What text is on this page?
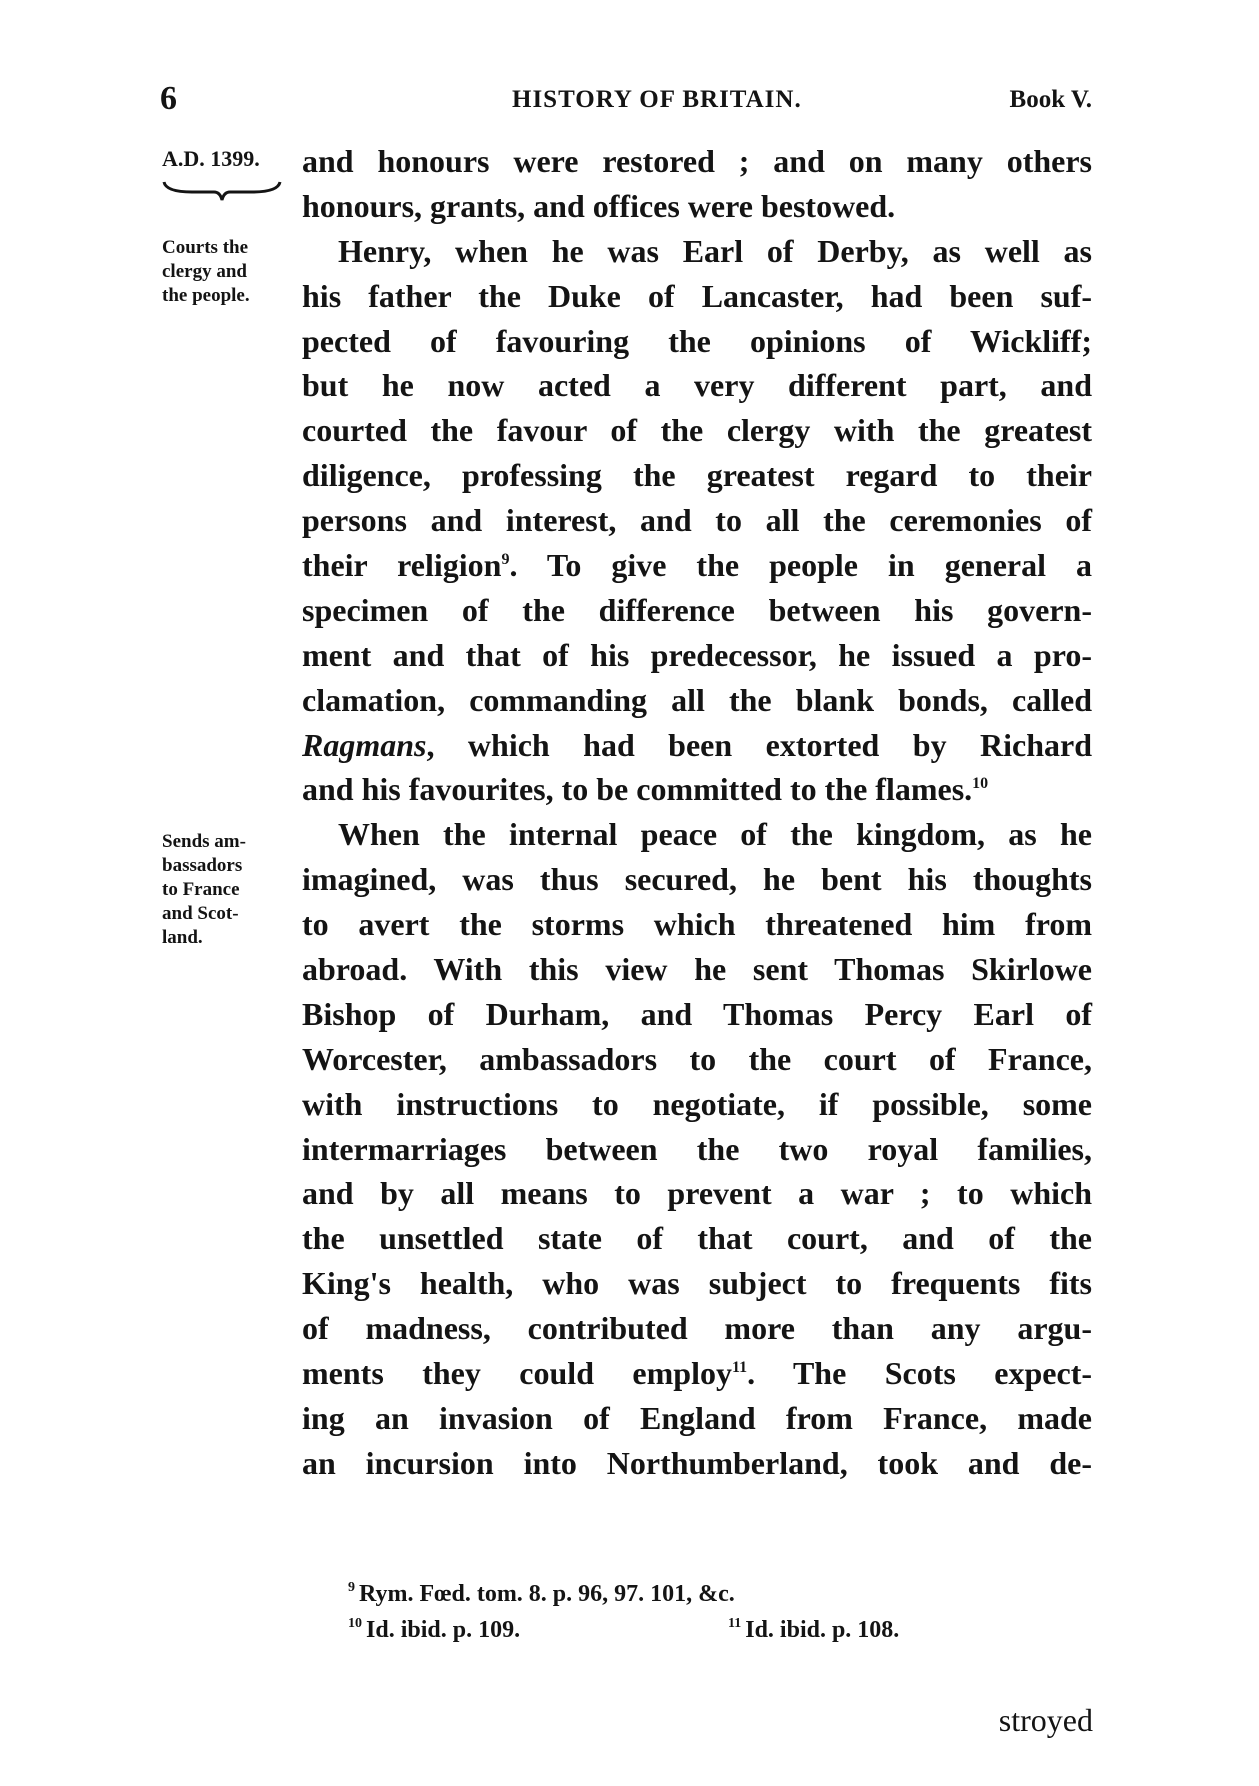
6	HISTORY OF BRITAIN.	Book V.
A.D. 1399.
Courts the
clergy and
the people.
Sends am-
bassadors
to France
and Scot-
land.
and honours were restored ; and on many others
honours, grants, and offices were bestowed.
Henry, when he was Earl of Derby, as well as
his father the Duke of Lancaster, had been suf-
pected of favouring the opinions of Wickliff;
but he now acted a very different part, and
courted the favour of the clergy with the greatest
diligence, professing the greatest regard to their
persons and interest, and to all the ceremonies of
their religion$^9$. To give the people in general a
specimen of the difference between his govern-
ment and that of his predecessor, he issued a pro-
clamation, commanding all the blank bonds, called
Ragmans, which had been extorted by Richard
and his favourites, to be committed to the flames.$^{10}$
When the internal peace of the kingdom, as he
imagined, was thus secured, he bent his thoughts
to avert the storms which threatened him from
abroad. With this view he sent Thomas Skirlowe
Bishop of Durham, and Thomas Percy Earl of
Worcester, ambassadors to the court of France,
with instructions to negotiate, if possible, some
intermarriages between the two royal families,
and by all means to prevent a war ; to which
the unsettled state of that court, and of the
King's health, who was subject to frequents fits
of madness, contributed more than any argu-
ments they could employ$^{11}$. The Scots expect-
ing an invasion of England from France, made
an incursion into Northumberland, took and de-
$^9$ Rym. Fœd. tom. 8. p. 96, 97. 101, &c.
$^{10}$ Id. ibid. p. 109.	$^{11}$ Id. ibid. p. 108.
stroyed
